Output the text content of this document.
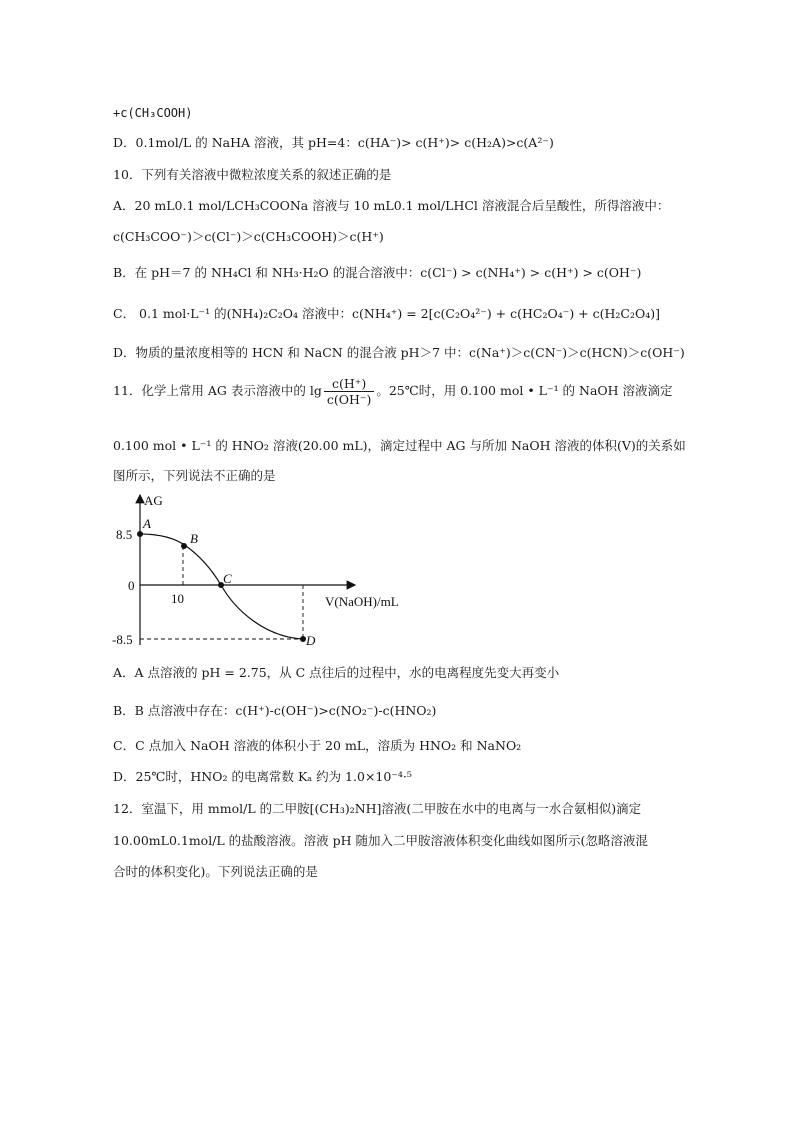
+c(CH₃COOH)
D．0.1mol/L 的 NaHA 溶液，其 pH=4：c(HA⁻)> c(H⁺)> c(H₂A)>c(A²⁻)
10．下列有关溶液中微粒浓度关系的叙述正确的是
A．20 mL0.1 mol/LCH₃COONa 溶液与 10 mL0.1 mol/LHCl 溶液混合后呈酸性，所得溶液中：
c(CH₃COO⁻)＞c(Cl⁻)＞c(CH₃COOH)＞c(H⁺)
B．在 pH＝7 的 NH₄Cl 和 NH₃·H₂O 的混合溶液中：c(Cl⁻) > c(NH₄⁺) > c(H⁺) > c(OH⁻)
C． 0.1 mol·L⁻¹ 的(NH₄)₂C₂O₄ 溶液中：c(NH₄⁺) = 2[c(C₂O₄²⁻) + c(HC₂O₄⁻) + c(H₂C₂O₄)]
D．物质的量浓度相等的 HCN 和 NaCN 的混合液 pH＞7 中：c(Na⁺)＞c(CN⁻)＞c(HCN)＞c(OH⁻)
11．化学上常用 AG 表示溶液中的 $\lg \frac{c(H^+)}{c(OH^-)}$ 。25℃时，用 0.100 mol • L⁻¹ 的 NaOH 溶液滴定
0.100 mol • L⁻¹ 的 HNO₂ 溶液(20.00 mL)，滴定过程中 AG 与所加 NaOH 溶液的体积(V)的关系如
图所示，下列说法不正确的是
AG
A
B
C
D
8.5
0
-8.5
10	V(NaOH)/mL
A．A 点溶液的 pH = 2.75，从 C 点往后的过程中，水的电离程度先变大再变小
B．B 点溶液中存在：c(H⁺)-c(OH⁻)>c(NO₂⁻)-c(HNO₂)
C．C 点加入 NaOH 溶液的体积小于 20 mL，溶质为 HNO₂ 和 NaNO₂
D．25℃时，HNO₂ 的电离常数 Kₐ 约为 1.0×10⁻⁴·⁵
12．室温下，用 mmol/L 的二甲胺[(CH₃)₂NH]溶液(二甲胺在水中的电离与一水合氨相似)滴定
10.00mL0.1mol/L 的盐酸溶液。溶液 pH 随加入二甲胺溶液体积变化曲线如图所示(忽略溶液混
合时的体积变化)。下列说法正确的是
